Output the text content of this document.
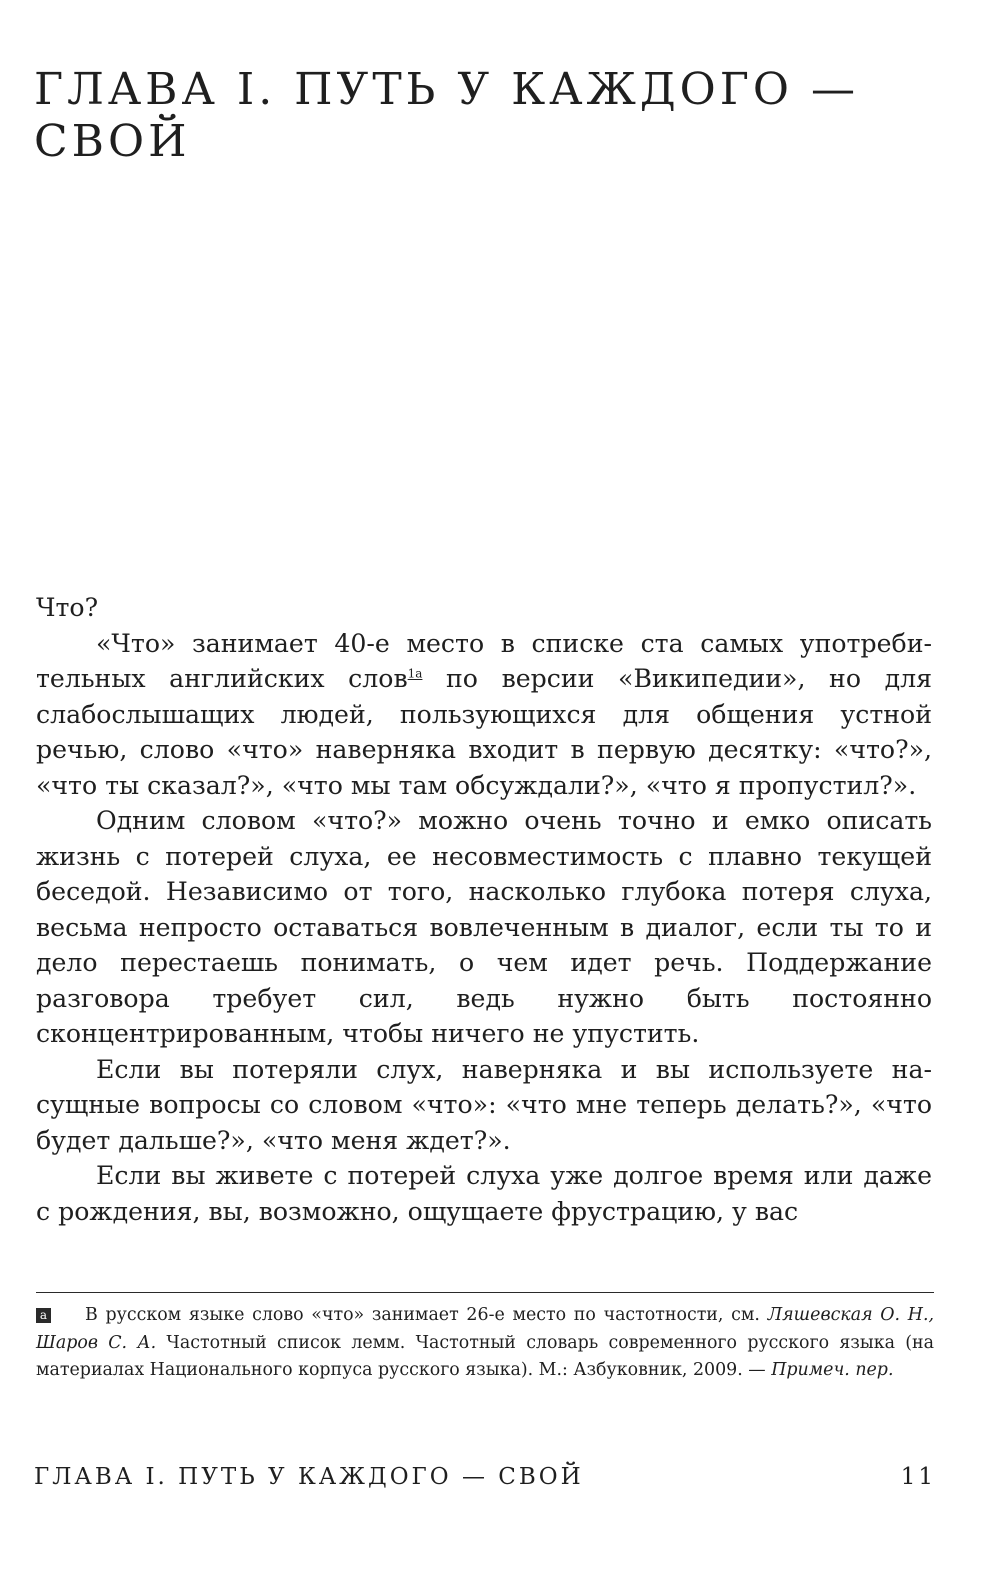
ГЛАВА I. ПУТЬ У КАЖДОГО — СВОЙ

Что?

«Что» занимает 40-е место в списке ста самых употребительных английских слов$^{1a}$ по версии «Википедии», но для слабослышащих людей, пользующихся для общения устной речью, слово «что» наверняка входит в первую десятку: «что?», «что ты сказал?», «что мы там обсуждали?», «что я пропустил?».

Одним словом «что?» можно очень точно и емко описать жизнь с потерей слуха, ее несовместимость с плавно текущей беседой. Независимо от того, насколько глубока потеря слуха, весьма непросто оставаться вовлеченным в диалог, если ты то и дело перестаешь понимать, о чем идет речь. Поддержание разговора требует сил, ведь нужно быть постоянно сконцентрированным, чтобы ничего не упустить.

Если вы потеряли слух, наверняка и вы используете насущные вопросы со словом «что»: «что мне теперь делать?», «что будет дальше?», «что меня ждет?».

Если вы живете с потерей слуха уже долгое время или даже с рождения, вы, возможно, ощущаете фрустрацию, у вас

a В русском языке слово «что» занимает 26-е место по частотности, см. Ляшевская О. Н., Шаров С. А. Частотный список лемм. Частотный словарь современного русского языка (на материалах Национального корпуса русского языка). М.: Азбуковник, 2009. — Примеч. пер.
ГЛАВА I. ПУТЬ У КАЖДОГО — СВОЙ	11
